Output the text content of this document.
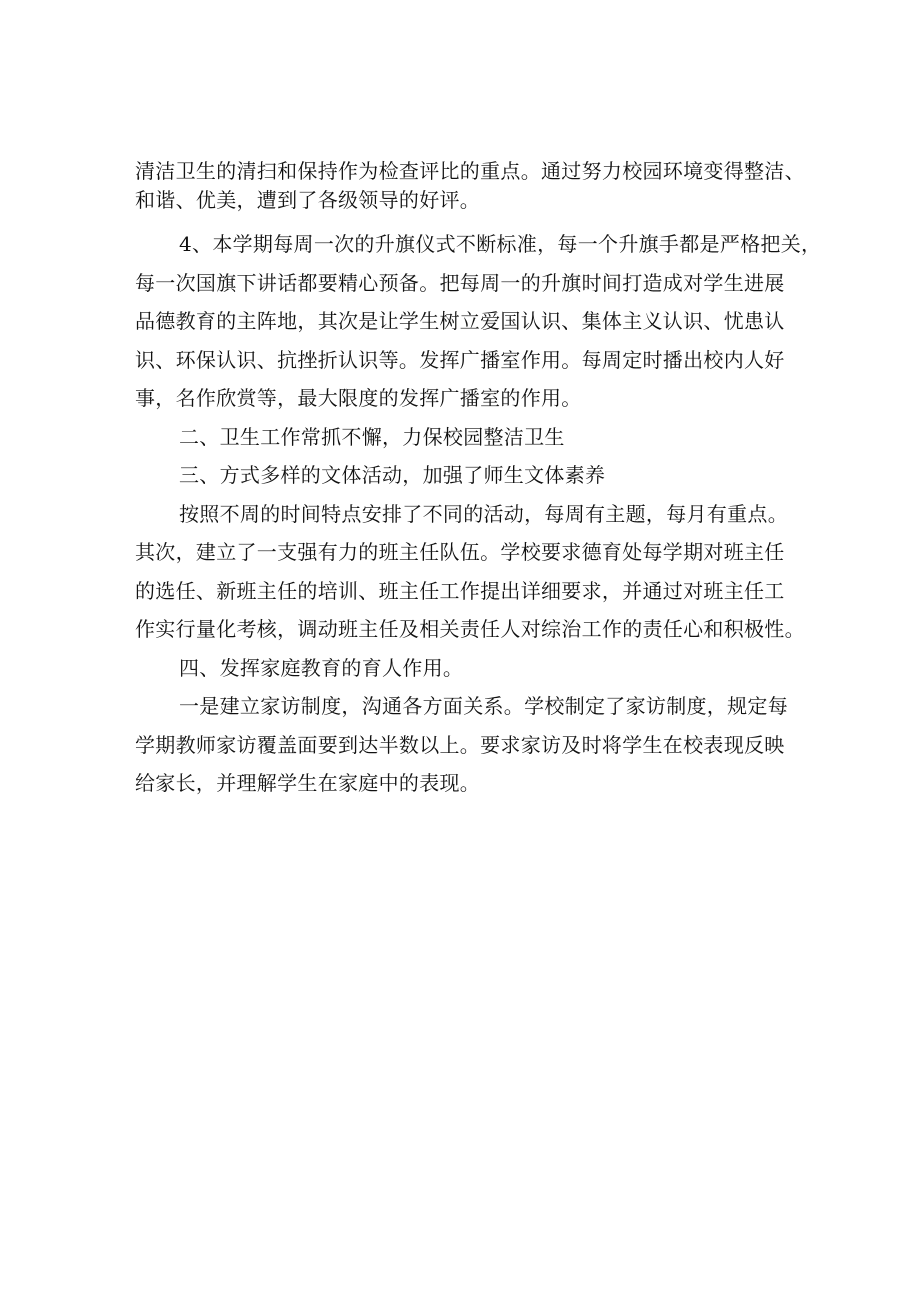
清洁卫生的清扫和保持作为检查评比的重点。通过努力校园环境变得整洁、
和谐、优美，遭到了各级领导的好评。
4、本学期每周一次的升旗仪式不断标准，每一个升旗手都是严格把关，
每一次国旗下讲话都要精心预备。把每周一的升旗时间打造成对学生进展
品德教育的主阵地，其次是让学生树立爱国认识、集体主义认识、忧患认
识、环保认识、抗挫折认识等。发挥广播室作用。每周定时播出校内人好
事，名作欣赏等，最大限度的发挥广播室的作用。
二、卫生工作常抓不懈，力保校园整洁卫生
三、方式多样的文体活动，加强了师生文体素养
按照不周的时间特点安排了不同的活动，每周有主题，每月有重点。
其次，建立了一支强有力的班主任队伍。学校要求德育处每学期对班主任
的选任、新班主任的培训、班主任工作提出详细要求，并通过对班主任工
作实行量化考核，调动班主任及相关责任人对综治工作的责任心和积极性。
四、发挥家庭教育的育人作用。
一是建立家访制度，沟通各方面关系。学校制定了家访制度，规定每
学期教师家访覆盖面要到达半数以上。要求家访及时将学生在校表现反映
给家长，并理解学生在家庭中的表现。
